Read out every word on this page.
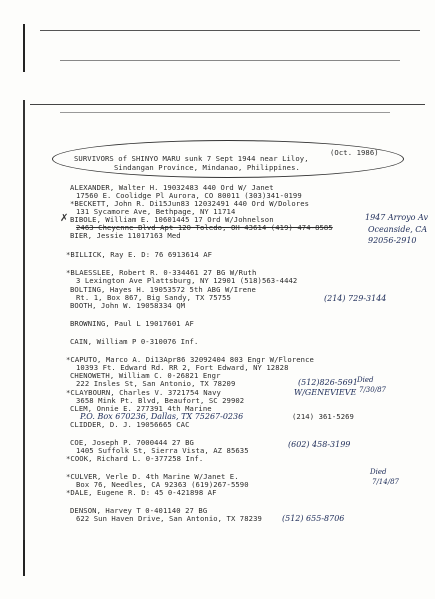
(Oct. 1986)
SURVIVORS of SHINYO MARU sunk 7 Sept 1944 near Liloy,
Sindangan Province, Mindanao, Philippines.
ALEXANDER, Walter H. 19032483 440 Ord W/ Janet
17560 E. Coolidge Pl Aurora, CO 80011 (303)341-0199
*BECKETT, John R. Di15Jun83 12032491 440 Ord W/Dolores
131 Sycamore Ave, Bethpage, NY 11714
✗ BIBOLE, William E. 10601445 17 Ord W/Johnelson
2463 Cheyenne Blvd Apt 120 Toledo, OH 43614 (419) 474-8585
1947 Arroyo Av
Oceanside, CA
92056-2910
BIER, Jessie 11017163 Med
*BILLICK, Ray E. D: 76 6913614 AF
*BLAESSLEE, Robert R. 0-334461 27 BG W/Ruth
3 Lexington Ave Plattsburg, NY 12901 (518)563-4442
BOLTING, Hayes H. 19053572 5th ABG W/Irene
Rt. 1, Box 867, Big Sandy, TX 75755	(214) 729-3144
BOOTH, John W. 19058334 QM
BROWNING, Paul L 19017601 AF
CAIN, William P 0-310076 Inf.
*CAPUTO, Marco A. Di13Apr86 32092404 803 Engr W/Florence
10393 Ft. Edward Rd. RR 2, Fort Edward, NY 12828
CHENOWETH, William C. 0-26821 Engr
222 Insles St, San Antonio, TX 78209	(512)826-5691 Died
7/30/87
*CLAYBOURN, Charles V. 3721754 Navy
3658 Mink Pt. Blvd, Beaufort, SC 29902
W/GENEVIEVE
CLEM, Onnie E. 277391 4th Marine
P.O. Box 670236, Dallas, TX 75267-0236	(214) 361-5269
CLIDDER, D. J. 19056665 CAC
COE, Joseph P. 7000444 27 BG
1405 Suffolk St, Sierra Vista, AZ 85635
(602) 458-3199
*COOK, Richard L. 0-377258 Inf.
*CULVER, Verle D. 4th Marine W/Janet E.
Box 76, Needles, CA 92363 (619)267-5590
Died
7/14/87
*DALE, Eugene R. D: 45 0-421898 AF
DENSON, Harvey T 0-401140 27 BG
622 Sun Haven Drive, San Antonio, TX 78239	(512) 655-8706
